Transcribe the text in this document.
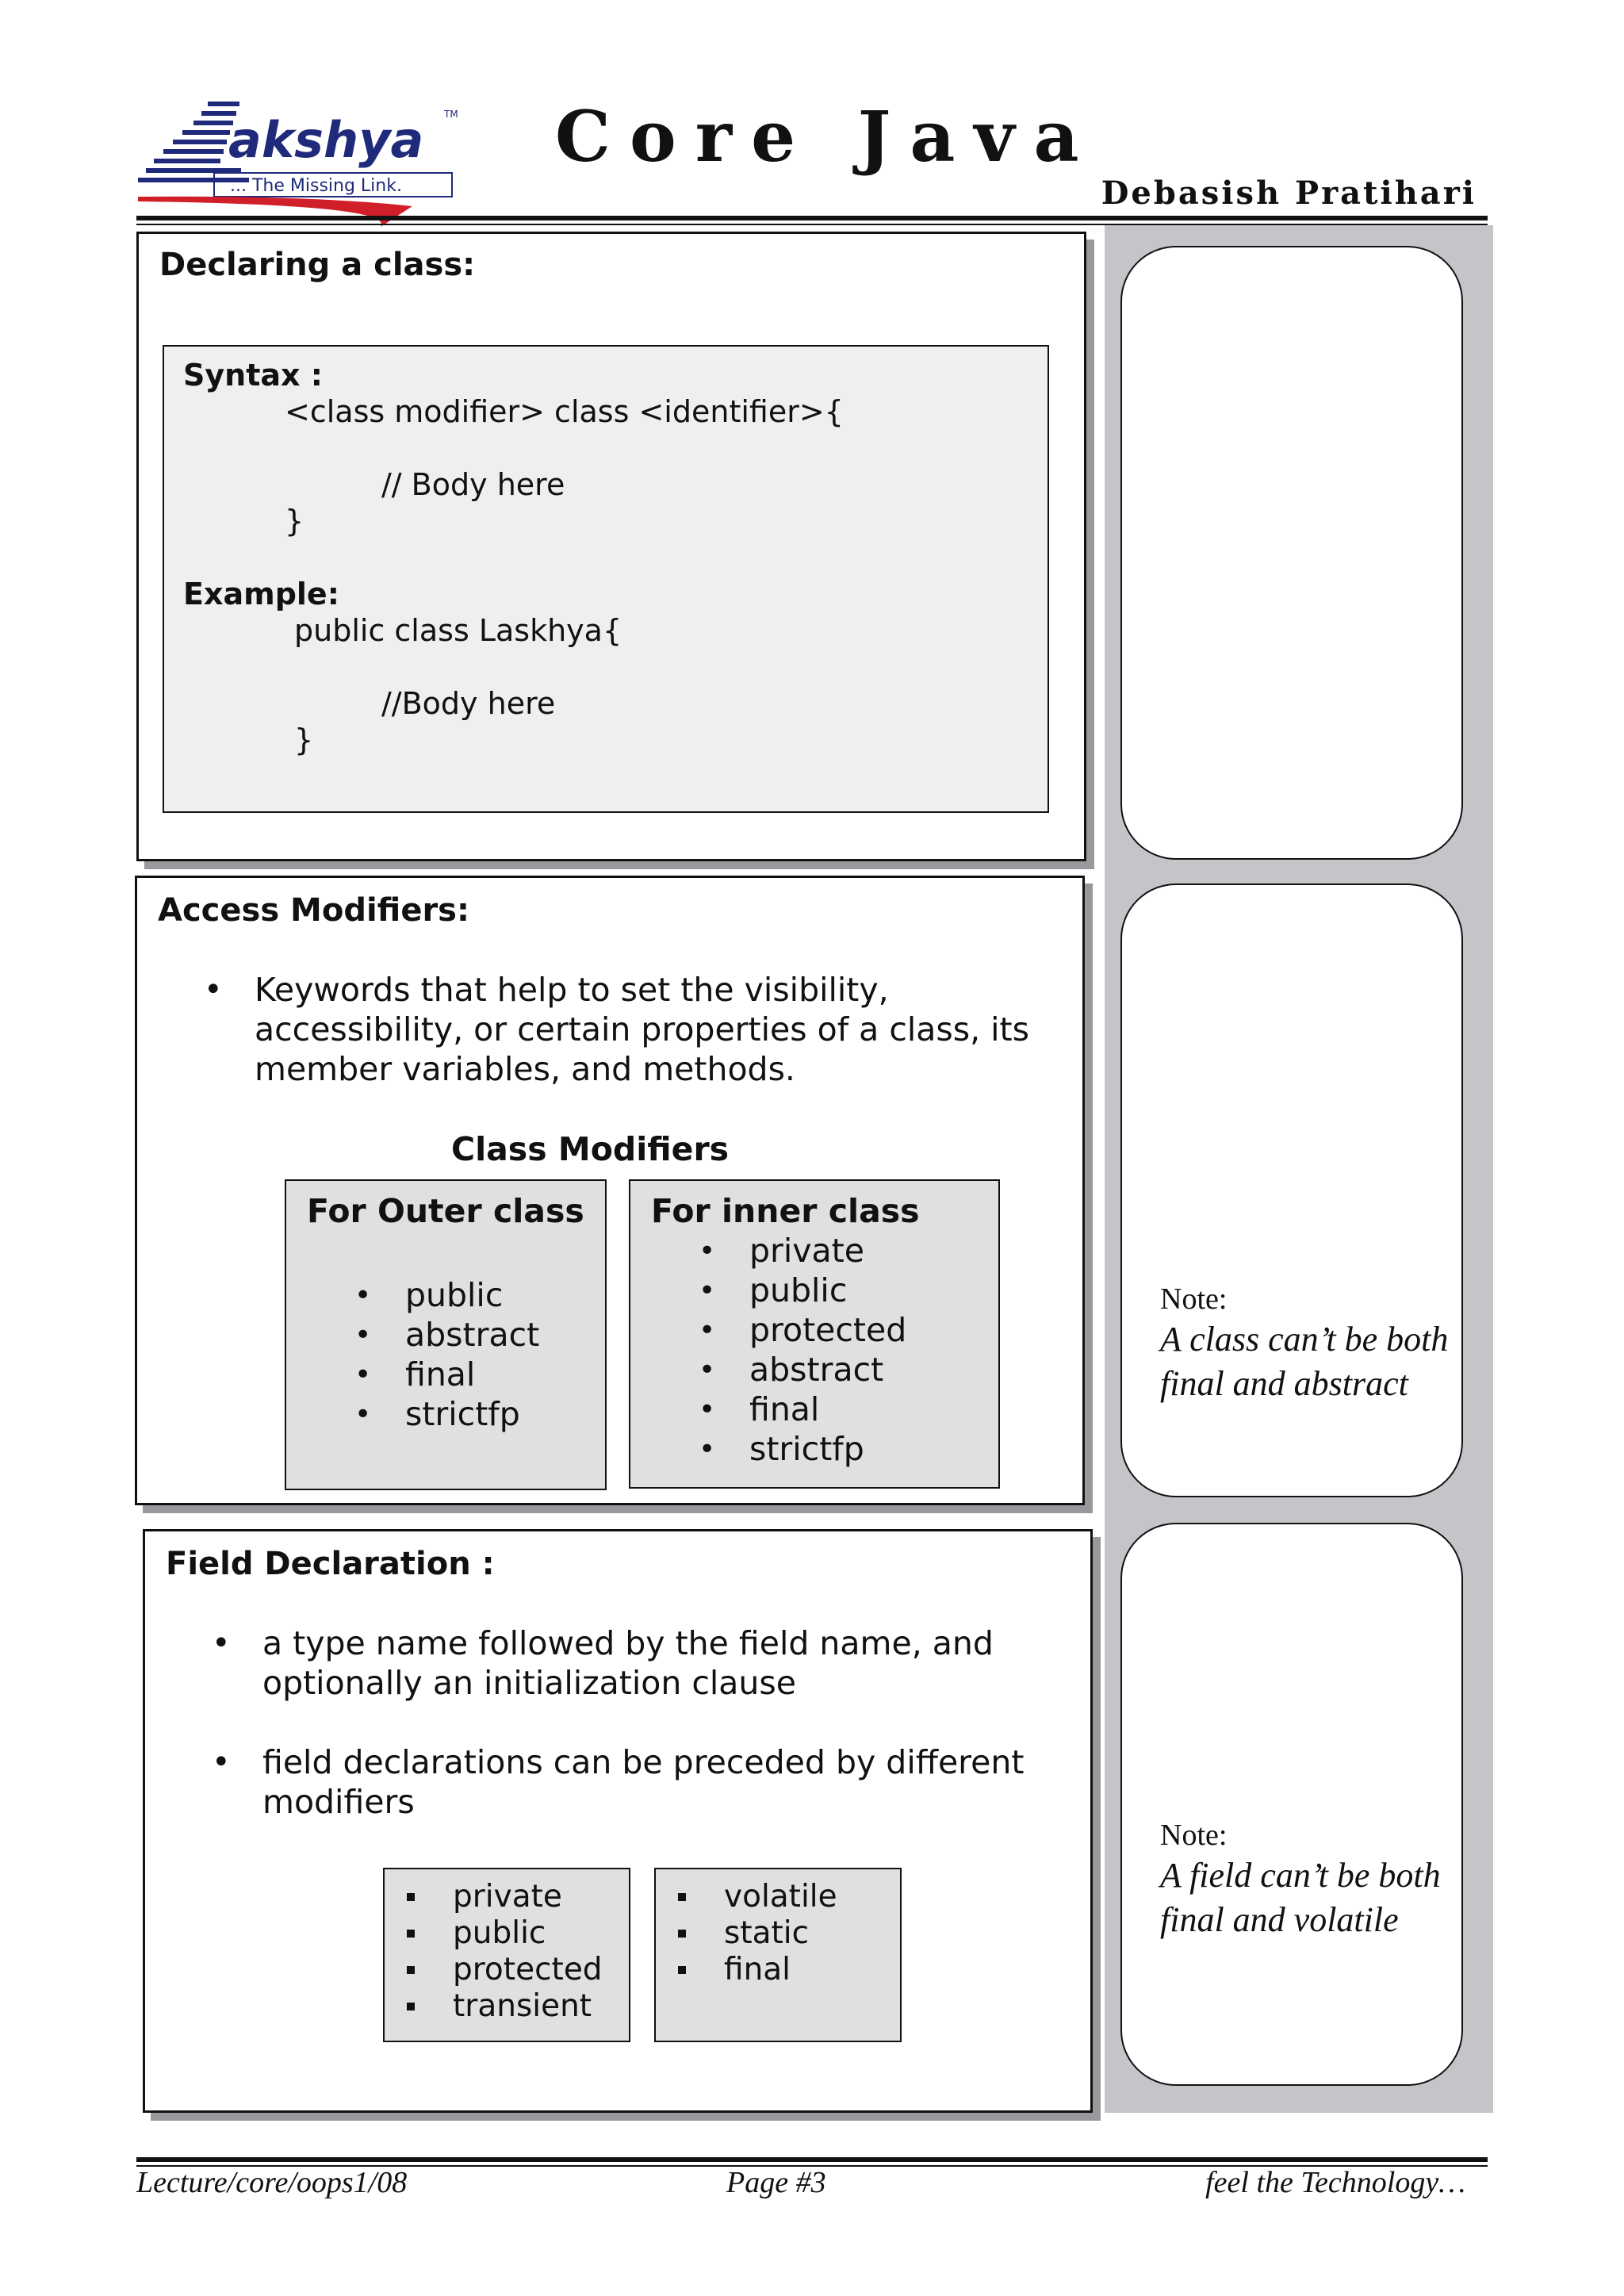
akshya TM
... The Missing Link.
Core Java
Debasish Pratihari
Note:
A class can’t be both
final and abstract
Note:
A field can’t be both
final and volatile
Declaring a class:
Syntax :
<class modifier> class <identifier>{
// Body here
}
Example:
public class Laskhya{
//Body here
}
Access Modifiers:
• Keywords that help to set the visibility,
accessibility, or certain properties of a class, its
member variables, and methods.
Class Modifiers
For Outer class
• public
• abstract
• final
• strictfp
For inner class
• private
• public
• protected
• abstract
• final
• strictfp
Field Declaration :
• a type name followed by the field name, and
optionally an initialization clause
• field declarations can be preceded by different
modifiers
private
public
protected
transient
volatile
static
final
Lecture/core/oops1/08	Page #3	feel the Technology…
